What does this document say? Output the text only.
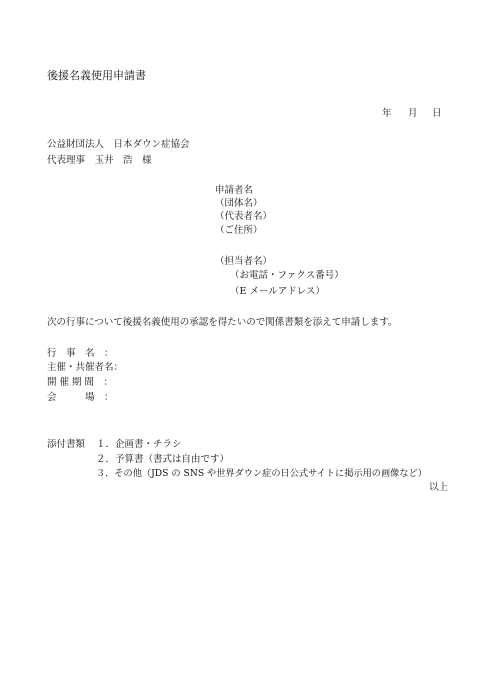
後援名義使用申請書
年 月 日
公益財団法人　日本ダウン症協会
代表理事　玉井　浩　様
申請者名
（団体名）
（代表者名）
（ご住所）
（担当者名）
（お電話・ファクス番号）
（E メールアドレス）
次の行事について後援名義使用の承認を得たいので関係書類を添えて申請します。
行　事　名　：
主催・共催者名：
開 催 期 間　：
会　　　場　：
添付書類 １．企画書・チラシ
２．予算書（書式は自由です）
３．その他（JDS の SNS や世界ダウン症の日公式サイトに掲示用の画像など）
以上
